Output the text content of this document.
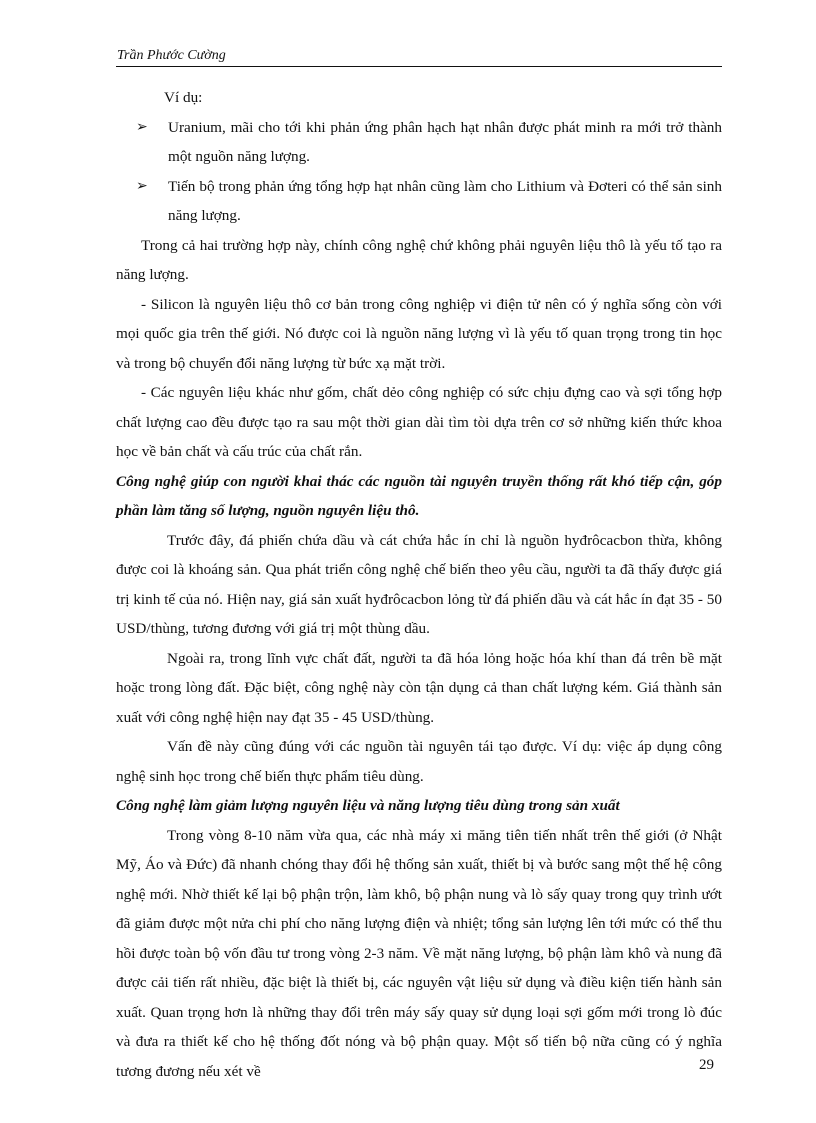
Trần Phước Cường

Ví dụ:

➢ Uranium, mãi cho tới khi phản ứng phân hạch hạt nhân được phát minh ra mới trở thành một nguồn năng lượng.

➢ Tiến bộ trong phản ứng tổng hợp hạt nhân cũng làm cho Lithium và Đơteri có thể sản sinh năng lượng.

Trong cả hai trường hợp này, chính công nghệ chứ không phải nguyên liệu thô là yếu tố tạo ra năng lượng.

- Silicon là nguyên liệu thô cơ bản trong công nghiệp vi điện tử nên có ý nghĩa sống còn với mọi quốc gia trên thế giới. Nó được coi là nguồn năng lượng vì là yếu tố quan trọng trong tin học và trong bộ chuyển đổi năng lượng từ bức xạ mặt trời.

- Các nguyên liệu khác như gốm, chất dẻo công nghiệp có sức chịu đựng cao và sợi tổng hợp chất lượng cao đều được tạo ra sau một thời gian dài tìm tòi dựa trên cơ sở những kiến thức khoa học về bản chất và cấu trúc của chất rắn.

Công nghệ giúp con người khai thác các nguồn tài nguyên truyền thống rất khó tiếp cận, góp phần làm tăng số lượng, nguồn nguyên liệu thô.

Trước đây, đá phiến chứa dầu và cát chứa hắc ín chỉ là nguồn hyđrôcacbon thừa, không được coi là khoáng sản. Qua phát triển công nghệ chế biến theo yêu cầu, người ta đã thấy được giá trị kinh tế của nó. Hiện nay, giá sản xuất hyđrôcacbon lỏng từ đá phiến dầu và cát hắc ín đạt 35 - 50 USD/thùng, tương đương với giá trị một thùng dầu.

Ngoài ra, trong lĩnh vực chất đất, người ta đã hóa lỏng hoặc hóa khí than đá trên bề mặt hoặc trong lòng đất. Đặc biệt, công nghệ này còn tận dụng cả than chất lượng kém. Giá thành sản xuất với công nghệ hiện nay đạt 35 - 45 USD/thùng.

Vấn đề này cũng đúng với các nguồn tài nguyên tái tạo được. Ví dụ: việc áp dụng công nghệ sinh học trong chế biến thực phẩm tiêu dùng.

Công nghệ làm giảm lượng nguyên liệu và năng lượng tiêu dùng trong sản xuất

Trong vòng 8-10 năm vừa qua, các nhà máy xi măng tiên tiến nhất trên thế giới (ở Nhật Mỹ, Áo và Đức) đã nhanh chóng thay đổi hệ thống sản xuất, thiết bị và bước sang một thế hệ công nghệ mới. Nhờ thiết kế lại bộ phận trộn, làm khô, bộ phận nung và lò sấy quay trong quy trình ướt đã giảm được một nửa chi phí cho năng lượng điện và nhiệt; tổng sản lượng lên tới mức có thể thu hồi được toàn bộ vốn đầu tư trong vòng 2-3 năm. Về mặt năng lượng, bộ phận làm khô và nung đã được cải tiến rất nhiều, đặc biệt là thiết bị, các nguyên vật liệu sử dụng và điều kiện tiến hành sản xuất. Quan trọng hơn là những thay đổi trên máy sấy quay sử dụng loại sợi gốm mới trong lò đúc và đưa ra thiết kế cho hệ thống đốt nóng và bộ phận quay. Một số tiến bộ nữa cũng có ý nghĩa tương đương nếu xét về	29
